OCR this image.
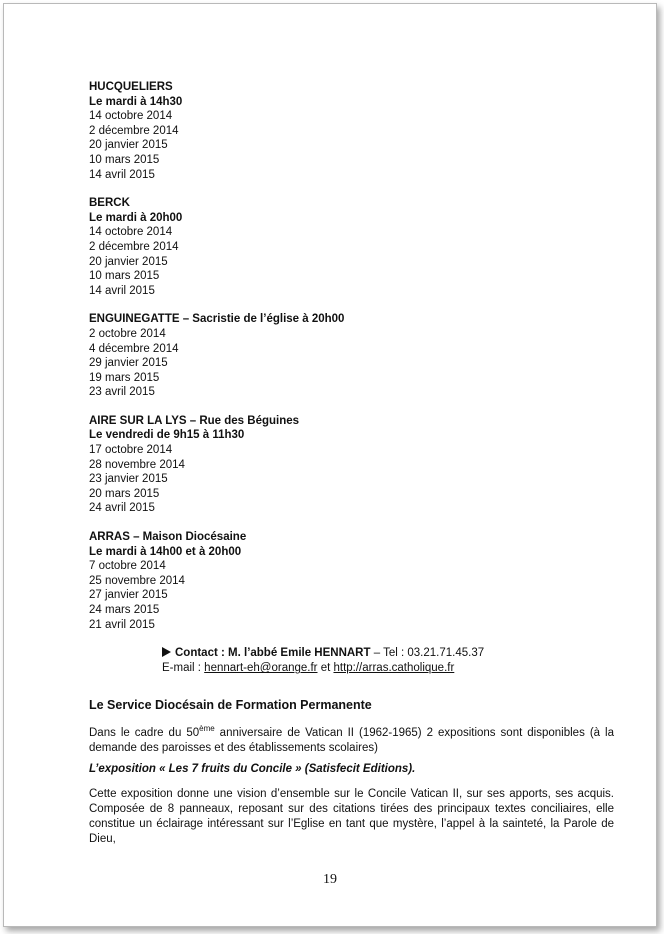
HUCQUELIERS
Le mardi à 14h30
14 octobre 2014
2 décembre 2014
20 janvier 2015
10 mars 2015
14 avril 2015
BERCK
Le mardi à 20h00
14 octobre 2014
2 décembre 2014
20 janvier 2015
10 mars 2015
14 avril 2015
ENGUINEGATTE – Sacristie de l’église à 20h00
2 octobre 2014
4 décembre 2014
29 janvier 2015
19 mars 2015
23 avril 2015
AIRE SUR LA LYS – Rue des Béguines
Le vendredi de 9h15 à 11h30
17 octobre 2014
28 novembre 2014
23 janvier 2015
20 mars 2015
24 avril 2015
ARRAS – Maison Diocésaine
Le mardi à 14h00 et à 20h00
7 octobre 2014
25 novembre 2014
27 janvier 2015
24 mars 2015
21 avril 2015
Contact : M. l’abbé Emile HENNART – Tel : 03.21.71.45.37
E-mail : hennart-eh@orange.fr et http://arras.catholique.fr
Le Service Diocésain de Formation Permanente
Dans le cadre du 50ème anniversaire de Vatican II (1962-1965) 2 expositions sont disponibles (à la demande des paroisses et des établissements scolaires)
L’exposition « Les 7 fruits du Concile » (Satisfecit Editions).
Cette exposition donne une vision d’ensemble sur le Concile Vatican II, sur ses apports, ses acquis. Composée de 8 panneaux, reposant sur des citations tirées des principaux textes conciliaires, elle constitue un éclairage intéressant sur l’Eglise en tant que mystère, l’appel à la sainteté, la Parole de Dieu,
19
